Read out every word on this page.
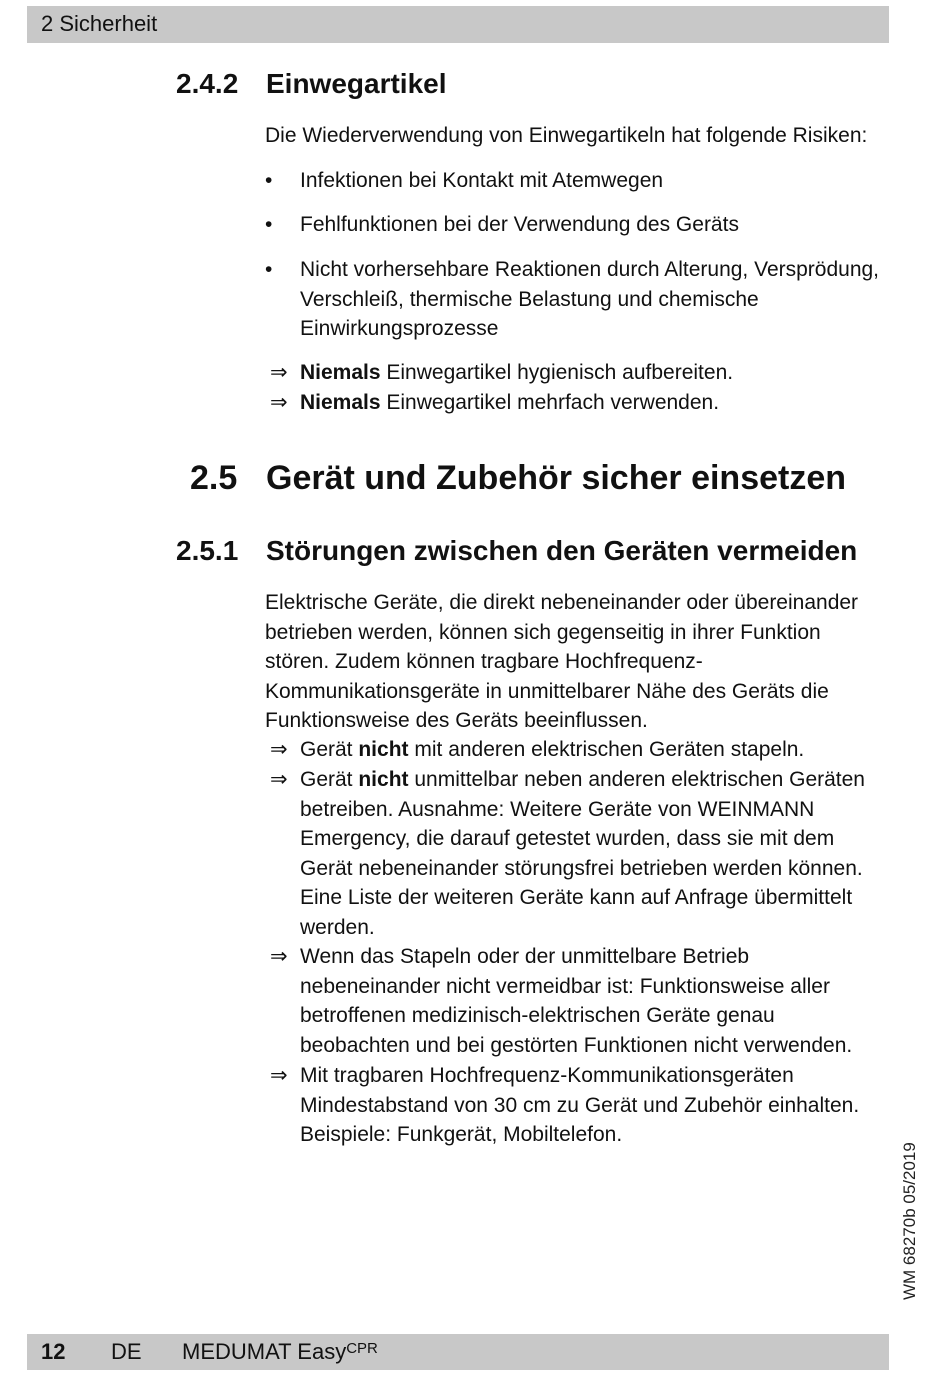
2 Sicherheit
2.4.2 Einwegartikel
Die Wiederverwendung von Einwegartikeln hat folgende Risiken:
•	Infektionen bei Kontakt mit Atemwegen
•	Fehlfunktionen bei der Verwendung des Geräts
•	Nicht vorhersehbare Reaktionen durch Alterung, Versprödung, Verschleiß, thermische Belastung und chemische Einwirkungsprozesse
⇒ Niemals Einwegartikel hygienisch aufbereiten.
⇒ Niemals Einwegartikel mehrfach verwenden.
2.5 Gerät und Zubehör sicher einsetzen
2.5.1 Störungen zwischen den Geräten vermeiden
Elektrische Geräte, die direkt nebeneinander oder übereinander betrieben werden, können sich gegenseitig in ihrer Funktion stören. Zudem können tragbare Hochfrequenz-Kommunikationsgeräte in unmittelbarer Nähe des Geräts die Funktionsweise des Geräts beeinflussen.
⇒ Gerät nicht mit anderen elektrischen Geräten stapeln.
⇒ Gerät nicht unmittelbar neben anderen elektrischen Geräten betreiben. Ausnahme: Weitere Geräte von WEINMANN Emergency, die darauf getestet wurden, dass sie mit dem Gerät nebeneinander störungsfrei betrieben werden können. Eine Liste der weiteren Geräte kann auf Anfrage übermittelt werden.
⇒ Wenn das Stapeln oder der unmittelbare Betrieb nebeneinander nicht vermeidbar ist: Funktionsweise aller betroffenen medizinisch-elektrischen Geräte genau beobachten und bei gestörten Funktionen nicht verwenden.
⇒ Mit tragbaren Hochfrequenz-Kommunikationsgeräten Mindestabstand von 30 cm zu Gerät und Zubehör einhalten. Beispiele: Funkgerät, Mobiltelefon.
WM 68270b 05/2019
12 DE MEDUMAT Easy$^{CPR}$
